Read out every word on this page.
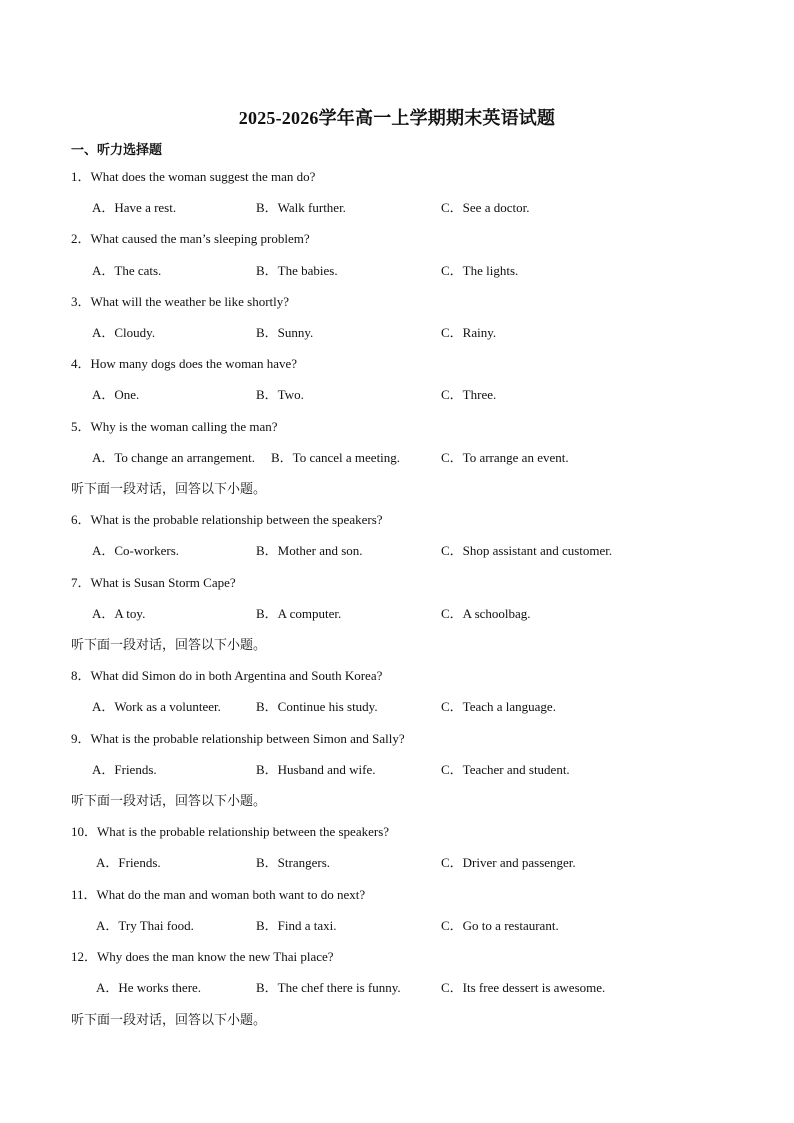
2025-2026学年高一上学期期末英语试题
一、听力选择题
1．What does the woman suggest the man do?
A．Have a rest.	B．Walk further.	C．See a doctor.
2．What caused the man’s sleeping problem?
A．The cats.	B．The babies.	C．The lights.
3．What will the weather be like shortly?
A．Cloudy.	B．Sunny.	C．Rainy.
4．How many dogs does the woman have?
A．One.	B．Two.	C．Three.
5．Why is the woman calling the man?
A．To change an arrangement. B．To cancel a meeting.	C．To arrange an event.
听下面一段对话，回答以下小题。
6．What is the probable relationship between the speakers?
A．Co-workers.	B．Mother and son.	C．Shop assistant and customer.
7．What is Susan Storm Cape?
A．A toy.	B．A computer.	C．A schoolbag.
听下面一段对话，回答以下小题。
8．What did Simon do in both Argentina and South Korea?
A．Work as a volunteer.	B．Continue his study.	C．Teach a language.
9．What is the probable relationship between Simon and Sally?
A．Friends.	B．Husband and wife.	C．Teacher and student.
听下面一段对话，回答以下小题。
10．What is the probable relationship between the speakers?
A．Friends.	B．Strangers.	C．Driver and passenger.
11．What do the man and woman both want to do next?
A．Try Thai food.	B．Find a taxi.	C．Go to a restaurant.
12．Why does the man know the new Thai place?
A．He works there.	B．The chef there is funny.	C．Its free dessert is awesome.
听下面一段对话，回答以下小题。
